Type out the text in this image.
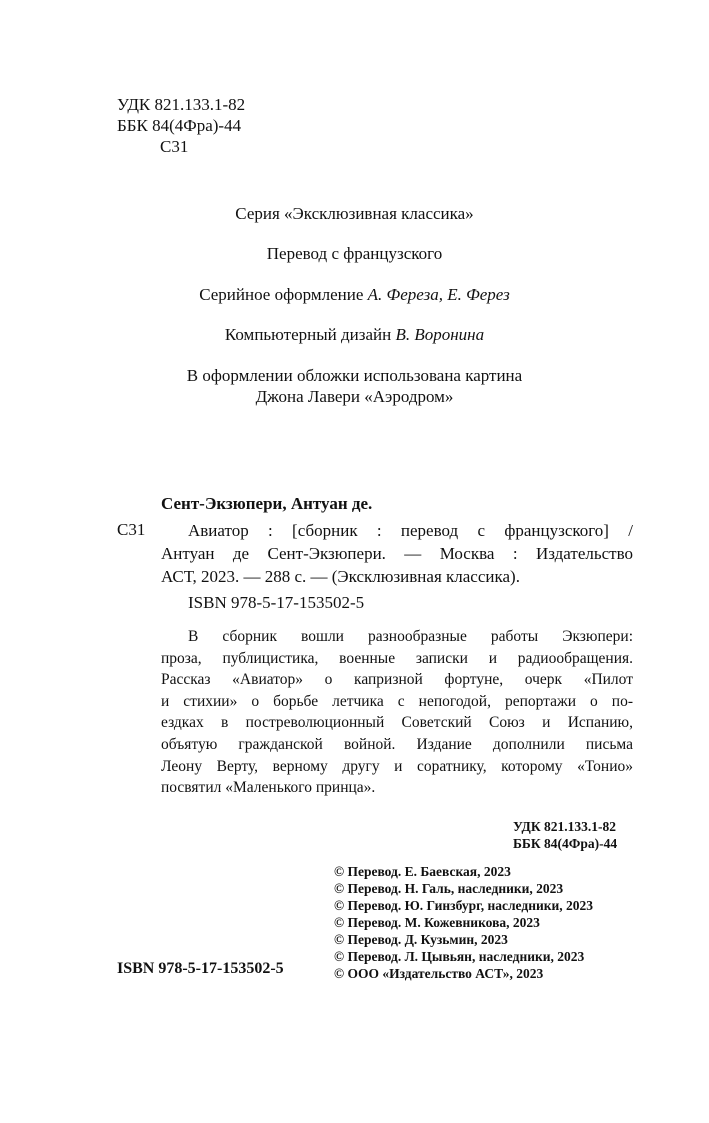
УДК 821.133.1-82
ББК 84(4Фра)-44
С31
Серия «Эксклюзивная классика»
Перевод с французского
Серийное оформление А. Фереза, Е. Ферез
Компьютерный дизайн В. Воронина
В оформлении обложки использована картина
Джона Лавери «Аэродром»
Сент-Экзюпери, Антуан де.
С31	Авиатор : [сборник : перевод с французского] /
Антуан де Сент-Экзюпери. — Москва : Издательство
АСТ, 2023. — 288 с. — (Эксклюзивная классика).
ISBN 978-5-17-153502-5
В сборник вошли разнообразные работы Экзюпери:
проза, публицистика, военные записки и радиообращения.
Рассказ «Авиатор» о капризной фортуне, очерк «Пилот
и стихии» о борьбе летчика с непогодой, репортажи о по-
ездках в постреволюционный Советский Союз и Испанию,
объятую гражданской войной. Издание дополнили письма
Леону Верту, верному другу и соратнику, которому «Тонио»
посвятил «Маленького принца».
УДК 821.133.1-82
ББК 84(4Фра)-44
© Перевод. Е. Баевская, 2023
© Перевод. Н. Галь, наследники, 2023
© Перевод. Ю. Гинзбург, наследники, 2023
© Перевод. М. Кожевникова, 2023
© Перевод. Д. Кузьмин, 2023
© Перевод. Л. Цывьян, наследники, 2023
© ООО «Издательство АСТ», 2023
ISBN 978-5-17-153502-5
